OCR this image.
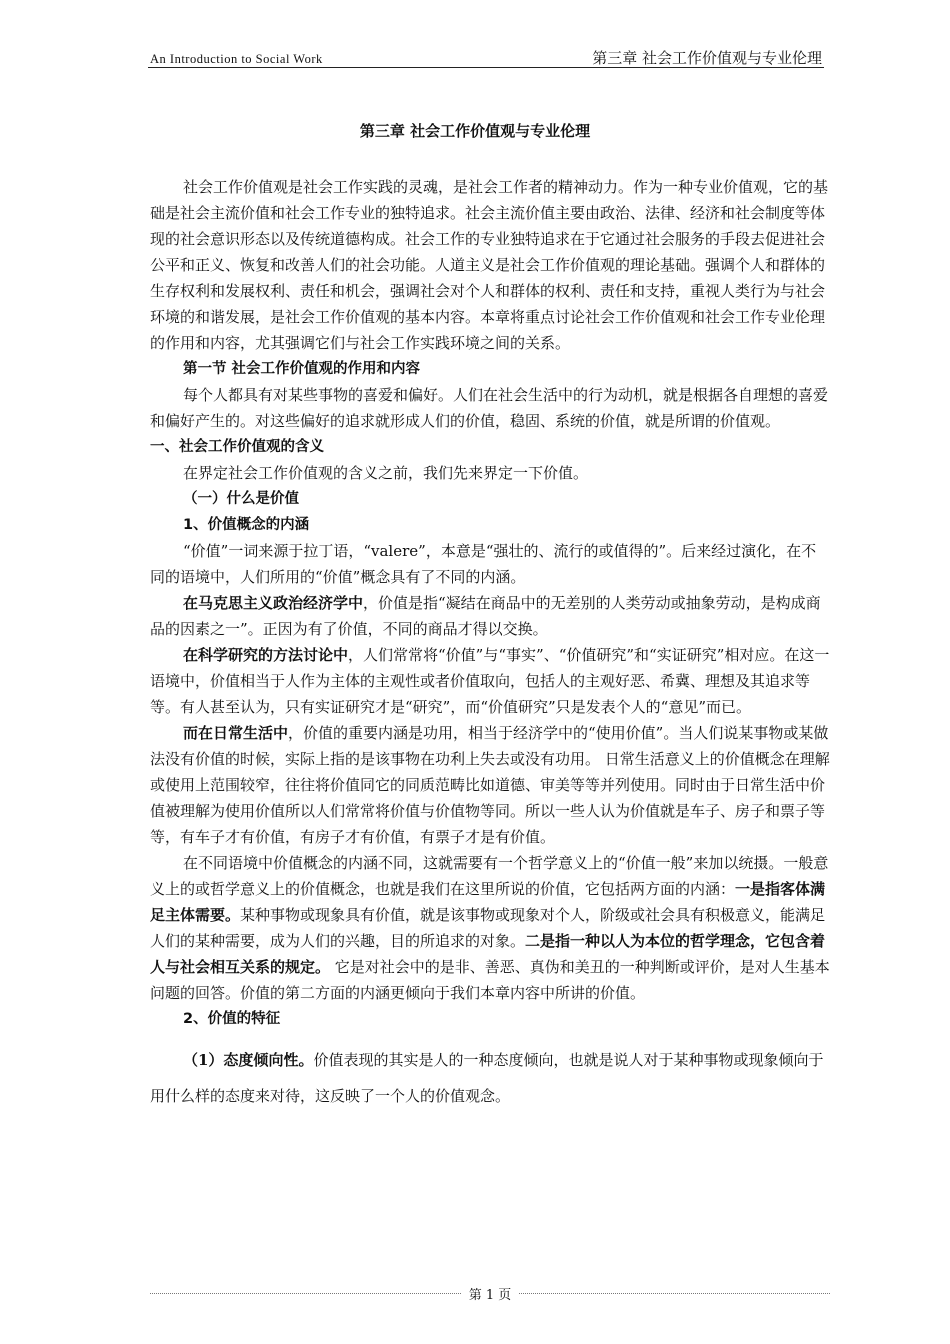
An Introduction to Social Work	第三章 社会工作价值观与专业伦理
第三章 社会工作价值观与专业伦理

社会工作价值观是社会工作实践的灵魂，是社会工作者的精神动力。作为一种专业价值观，它的基础是社会主流价值和社会工作专业的独特追求。社会主流价值主要由政治、法律、经济和社会制度等体现的社会意识形态以及传统道德构成。社会工作的专业独特追求在于它通过社会服务的手段去促进社会公平和正义、恢复和改善人们的社会功能。人道主义是社会工作价值观的理论基础。强调个人和群体的生存权利和发展权利、责任和机会，强调社会对个人和群体的权利、责任和支持，重视人类行为与社会环境的和谐发展，是社会工作价值观的基本内容。本章将重点讨论社会工作价值观和社会工作专业伦理的作用和内容，尤其强调它们与社会工作实践环境之间的关系。

第一节 社会工作价值观的作用和内容

每个人都具有对某些事物的喜爱和偏好。人们在社会生活中的行为动机，就是根据各自理想的喜爱和偏好产生的。对这些偏好的追求就形成人们的价值，稳固、系统的价值，就是所谓的价值观。

一、社会工作价值观的含义

在界定社会工作价值观的含义之前，我们先来界定一下价值。

（一）什么是价值

1、价值概念的内涵

“价值”一词来源于拉丁语，“valere”，本意是“强壮的、流行的或值得的”。后来经过演化，在不同的语境中，人们所用的“价值”概念具有了不同的内涵。

在马克思主义政治经济学中，价值是指“凝结在商品中的无差别的人类劳动或抽象劳动，是构成商品的因素之一”。正因为有了价值，不同的商品才得以交换。

在科学研究的方法讨论中，人们常常将“价值”与“事实”、“价值研究”和“实证研究”相对应。在这一语境中，价值相当于人作为主体的主观性或者价值取向，包括人的主观好恶、希冀、理想及其追求等等。有人甚至认为，只有实证研究才是“研究”，而“价值研究”只是发表个人的“意见”而已。

而在日常生活中，价值的重要内涵是功用，相当于经济学中的“使用价值”。当人们说某事物或某做法没有价值的时候，实际上指的是该事物在功利上失去或没有功用。 日常生活意义上的价值概念在理解或使用上范围较窄，往往将价值同它的同质范畴比如道德、审美等等并列使用。同时由于日常生活中价值被理解为使用价值所以人们常常将价值与价值物等同。所以一些人认为价值就是车子、房子和票子等等，有车子才有价值，有房子才有价值，有票子才是有价值。

在不同语境中价值概念的内涵不同，这就需要有一个哲学意义上的“价值一般”来加以统摄。一般意义上的或哲学意义上的价值概念，也就是我们在这里所说的价值，它包括两方面的内涵：一是指客体满足主体需要。某种事物或现象具有价值，就是该事物或现象对个人，阶级或社会具有积极意义，能满足人们的某种需要，成为人们的兴趣，目的所追求的对象。二是指一种以人为本位的哲学理念，它包含着人与社会相互关系的规定。 它是对社会中的是非、善恶、真伪和美丑的一种判断或评价，是对人生基本问题的回答。价值的第二方面的内涵更倾向于我们本章内容中所讲的价值。

2、价值的特征

（1）态度倾向性。价值表现的其实是人的一种态度倾向，也就是说人对于某种事物或现象倾向于用什么样的态度来对待，这反映了一个人的价值观念。

第 1 页
